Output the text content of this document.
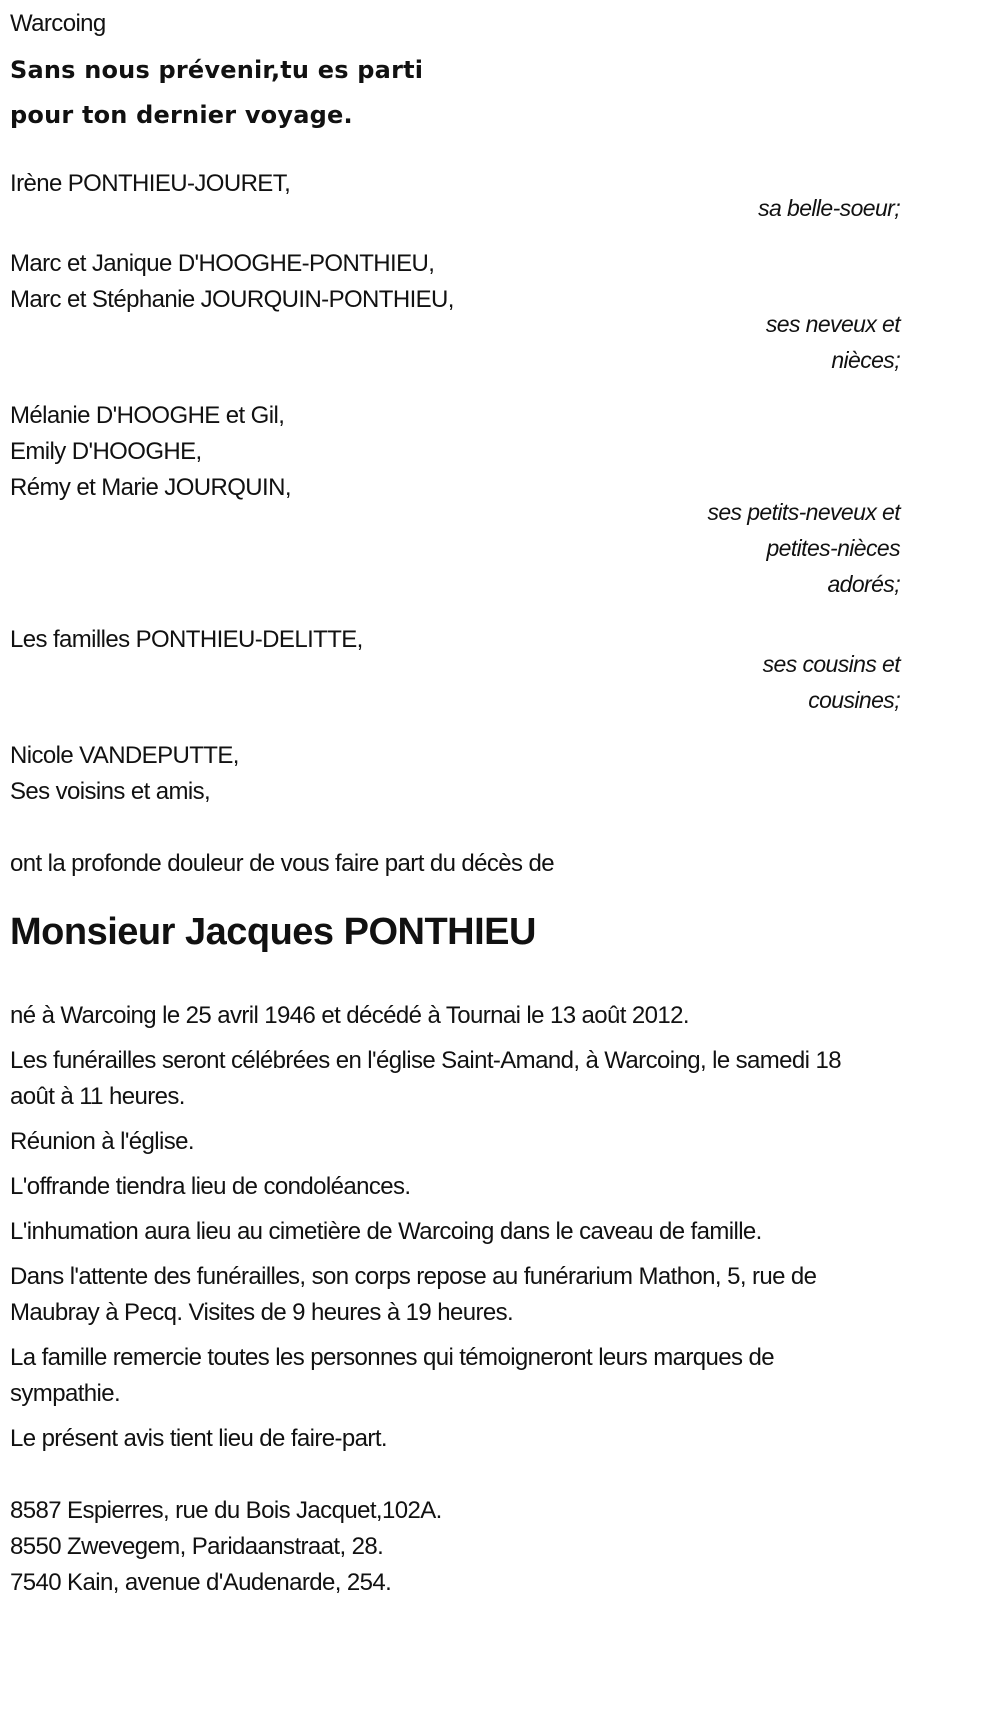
Warcoing
Sans nous prévenir,tu es parti
pour ton dernier voyage.
Irène PONTHIEU-JOURET,
sa belle-soeur;
Marc et Janique D'HOOGHE-PONTHIEU,
Marc et Stéphanie JOURQUIN-PONTHIEU,
ses neveux et
nièces;
Mélanie D'HOOGHE et Gil,
Emily D'HOOGHE,
Rémy et Marie JOURQUIN,
ses petits-neveux et
petites-nièces
adorés;
Les familles PONTHIEU-DELITTE,
ses cousins et
cousines;
Nicole VANDEPUTTE,
Ses voisins et amis,
ont la profonde douleur de vous faire part du décès de
Monsieur Jacques PONTHIEU
né à Warcoing le 25 avril 1946 et décédé à Tournai le 13 août 2012.
Les funérailles seront célébrées en l'église Saint-Amand, à Warcoing, le samedi 18 août à 11 heures.
Réunion à l'église.
L'offrande tiendra lieu de condoléances.
L'inhumation aura lieu au cimetière de Warcoing dans le caveau de famille.
Dans l'attente des funérailles, son corps repose au funérarium Mathon, 5, rue de Maubray à Pecq. Visites de 9 heures à 19 heures.
La famille remercie toutes les personnes qui témoigneront leurs marques de sympathie.
Le présent avis tient lieu de faire-part.
8587 Espierres, rue du Bois Jacquet,102A.
8550 Zwevegem, Paridaanstraat, 28.
7540 Kain, avenue d'Audenarde, 254.
